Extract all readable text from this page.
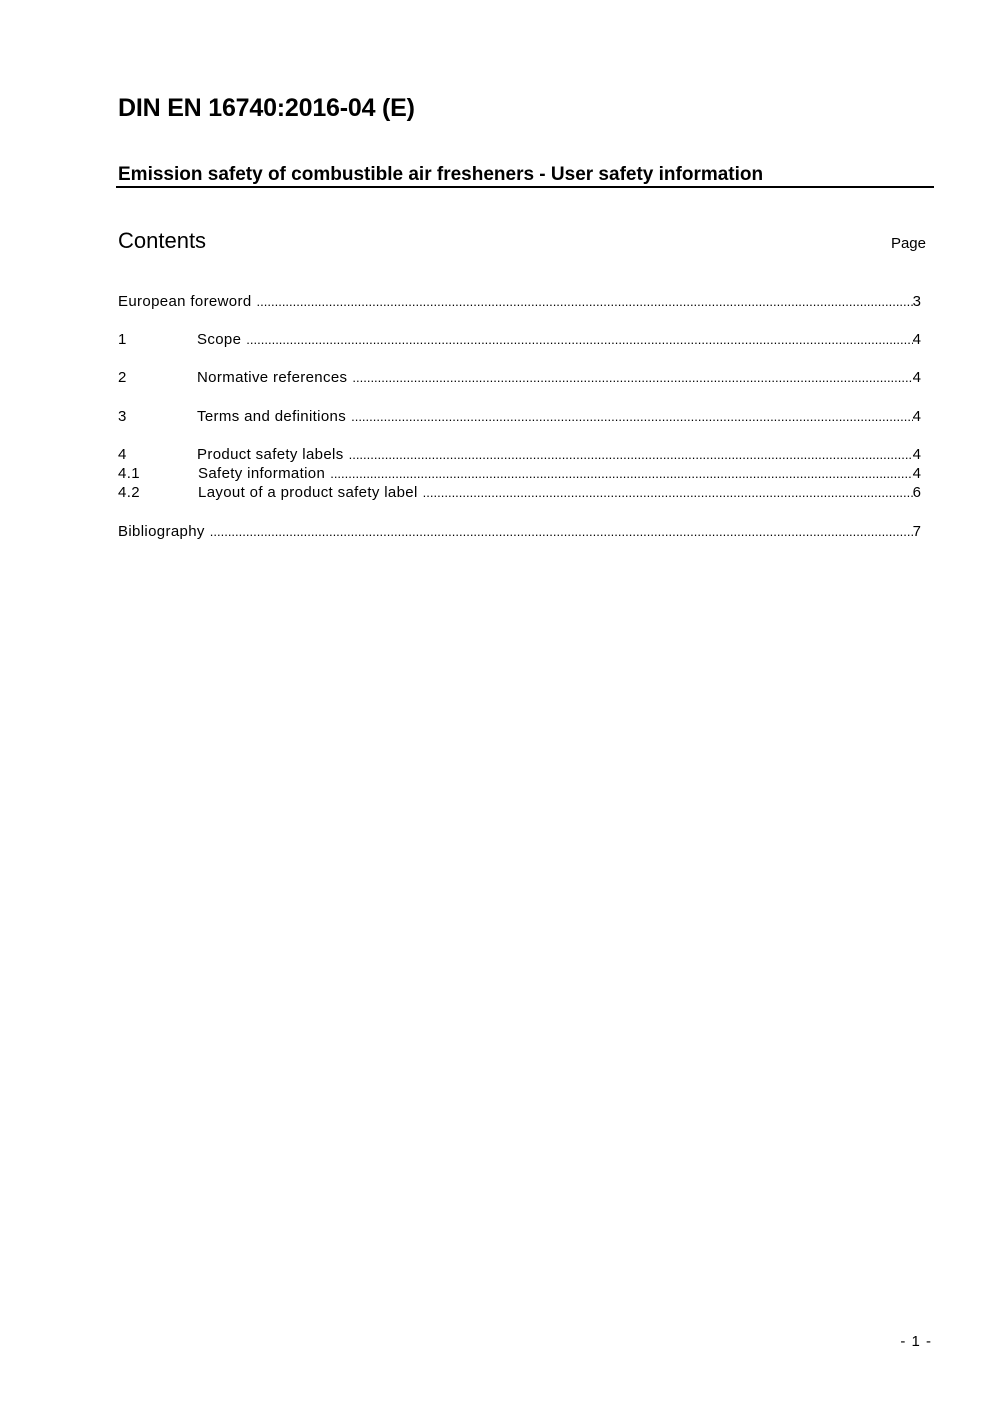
DIN EN 16740:2016-04 (E)
Emission safety of combustible air fresheners - User safety information
Contents	Page
European foreword .....	3
1	Scope .....	4
2	Normative references .....	4
3	Terms and definitions .....	4
4	Product safety labels .....	4
4.1	Safety information .....	4
4.2	Layout of a product safety label .....	6
Bibliography .....	7
- 1 -
